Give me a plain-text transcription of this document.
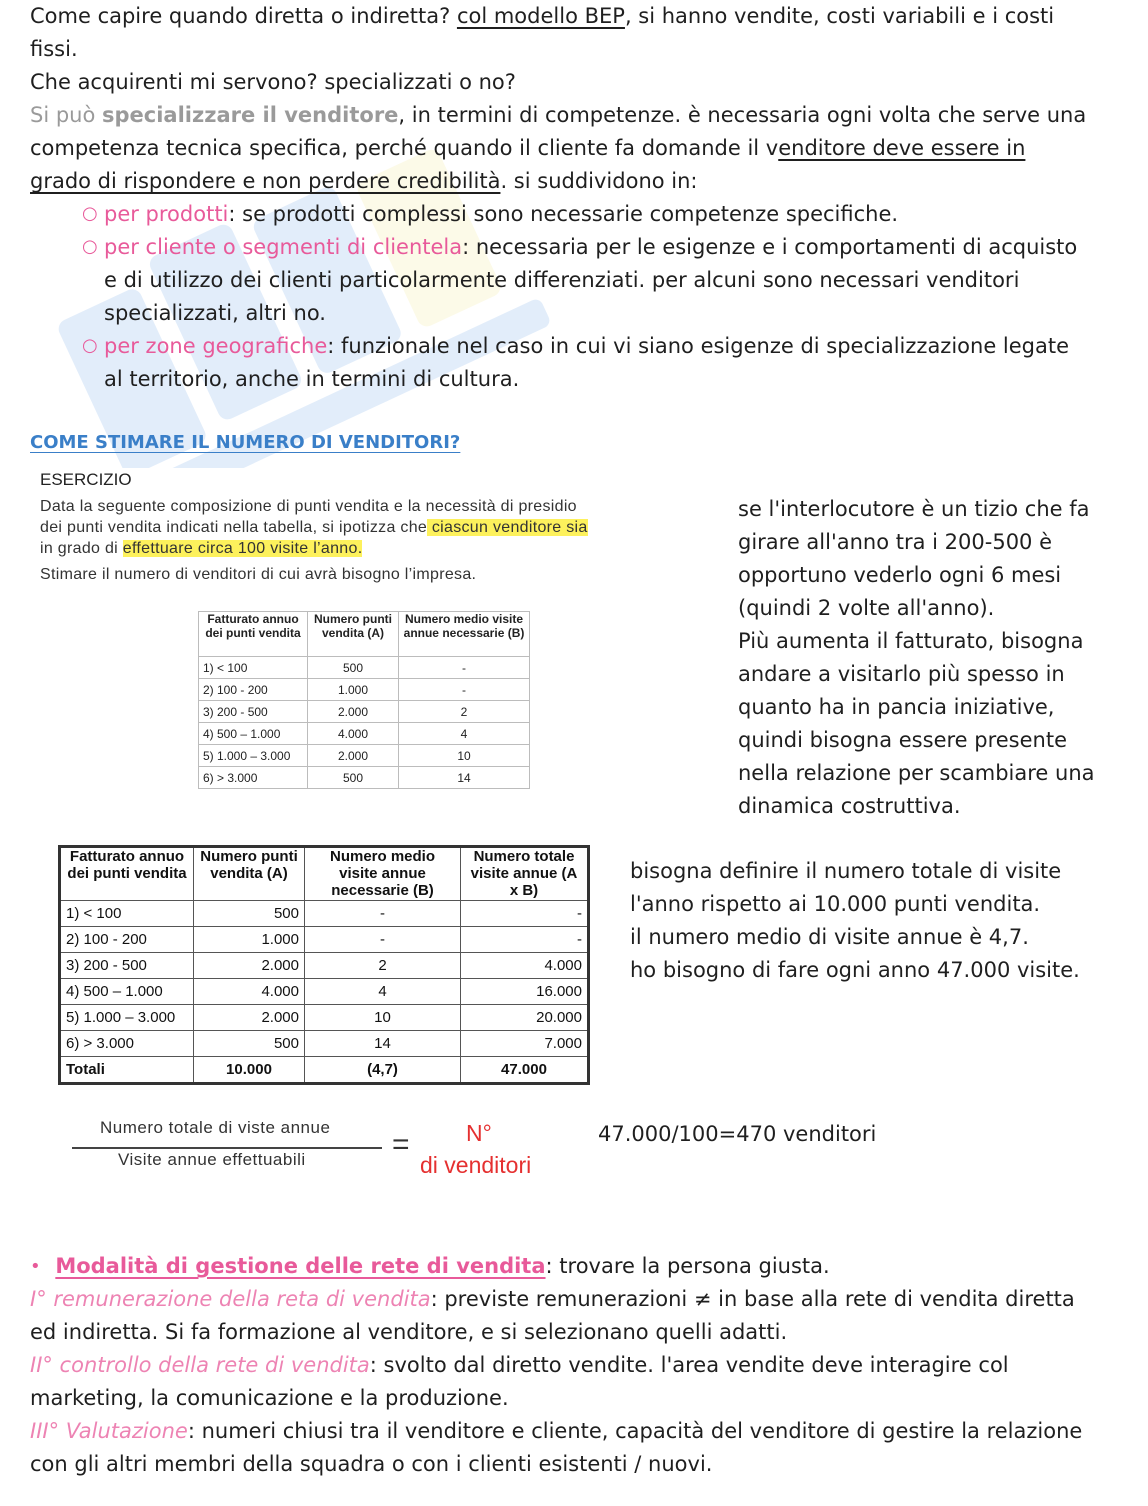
Come capire quando diretta o indiretta? col modello BEP, si hanno vendite, costi variabili e i costi
fissi.
Che acquirenti mi servono? specializzati o no?
Si può specializzare il venditore, in termini di competenze. è necessaria ogni volta che serve una
competenza tecnica specifica, perché quando il cliente fa domande il venditore deve essere in
grado di rispondere e non perdere credibilità. si suddividono in:
○ per prodotti: se prodotti complessi sono necessarie competenze specifiche.
○ per cliente o segmenti di clientela: necessaria per le esigenze e i comportamenti di acquisto
e di utilizzo dei clienti particolarmente differenziati. per alcuni sono necessari venditori
specializzati, altri no.
○ per zone geografiche: funzionale nel caso in cui vi siano esigenze di specializzazione legate
al territorio, anche in termini di cultura.
COME STIMARE IL NUMERO DI VENDITORI?
ESERCIZIO
Data la seguente composizione di punti vendita e la necessità di presidio
dei punti vendita indicati nella tabella, si ipotizza che ciascun venditore sia
in grado di effettuare circa 100 visite l’anno.
Stimare il numero di venditori di cui avrà bisogno l’impresa.
Fatturato annuo dei punti vendita	Numero punti vendita (A)	Numero medio visite annue necessarie (B)
1) < 100	500	-
2) 100 - 200	1.000	-
3) 200 - 500	2.000	2
4) 500 – 1.000	4.000	4
5) 1.000 – 3.000	2.000	10
6) > 3.000	500	14
se l'interlocutore è un tizio che fa
girare all'anno tra i 200-500 è
opportuno vederlo ogni 6 mesi
(quindi 2 volte all'anno).
Più aumenta il fatturato, bisogna
andare a visitarlo più spesso in
quanto ha in pancia iniziative,
quindi bisogna essere presente
nella relazione per scambiare una
dinamica costruttiva.
Fatturato annuo dei punti vendita	Numero punti vendita (A)	Numero medio visite annue necessarie (B)	Numero totale visite annue (A x B)
1) < 100	500	-	-
2) 100 - 200	1.000	-	-
3) 200 - 500	2.000	2	4.000
4) 500 – 1.000	4.000	4	16.000
5) 1.000 – 3.000	2.000	10	20.000
6) > 3.000	500	14	7.000
Totali	10.000	(4,7)	47.000
bisogna definire il numero totale di visite
l'anno rispetto ai 10.000 punti vendita.
il numero medio di visite annue è 4,7.
ho bisogno di fare ogni anno 47.000 visite.
Numero totale di viste annue
Visite annue effettuabili	= N°
di venditori
47.000/100=470 venditori
• Modalità di gestione delle rete di vendita: trovare la persona giusta.
I° remunerazione della reta di vendita: previste remunerazioni ≠ in base alla rete di vendita diretta
ed indiretta. Si fa formazione al venditore, e si selezionano quelli adatti.
II° controllo della rete di vendita: svolto dal diretto vendite. l'area vendite deve interagire col
marketing, la comunicazione e la produzione.
III° Valutazione: numeri chiusi tra il venditore e cliente, capacità del venditore di gestire la relazione
con gli altri membri della squadra o con i clienti esistenti / nuovi.
